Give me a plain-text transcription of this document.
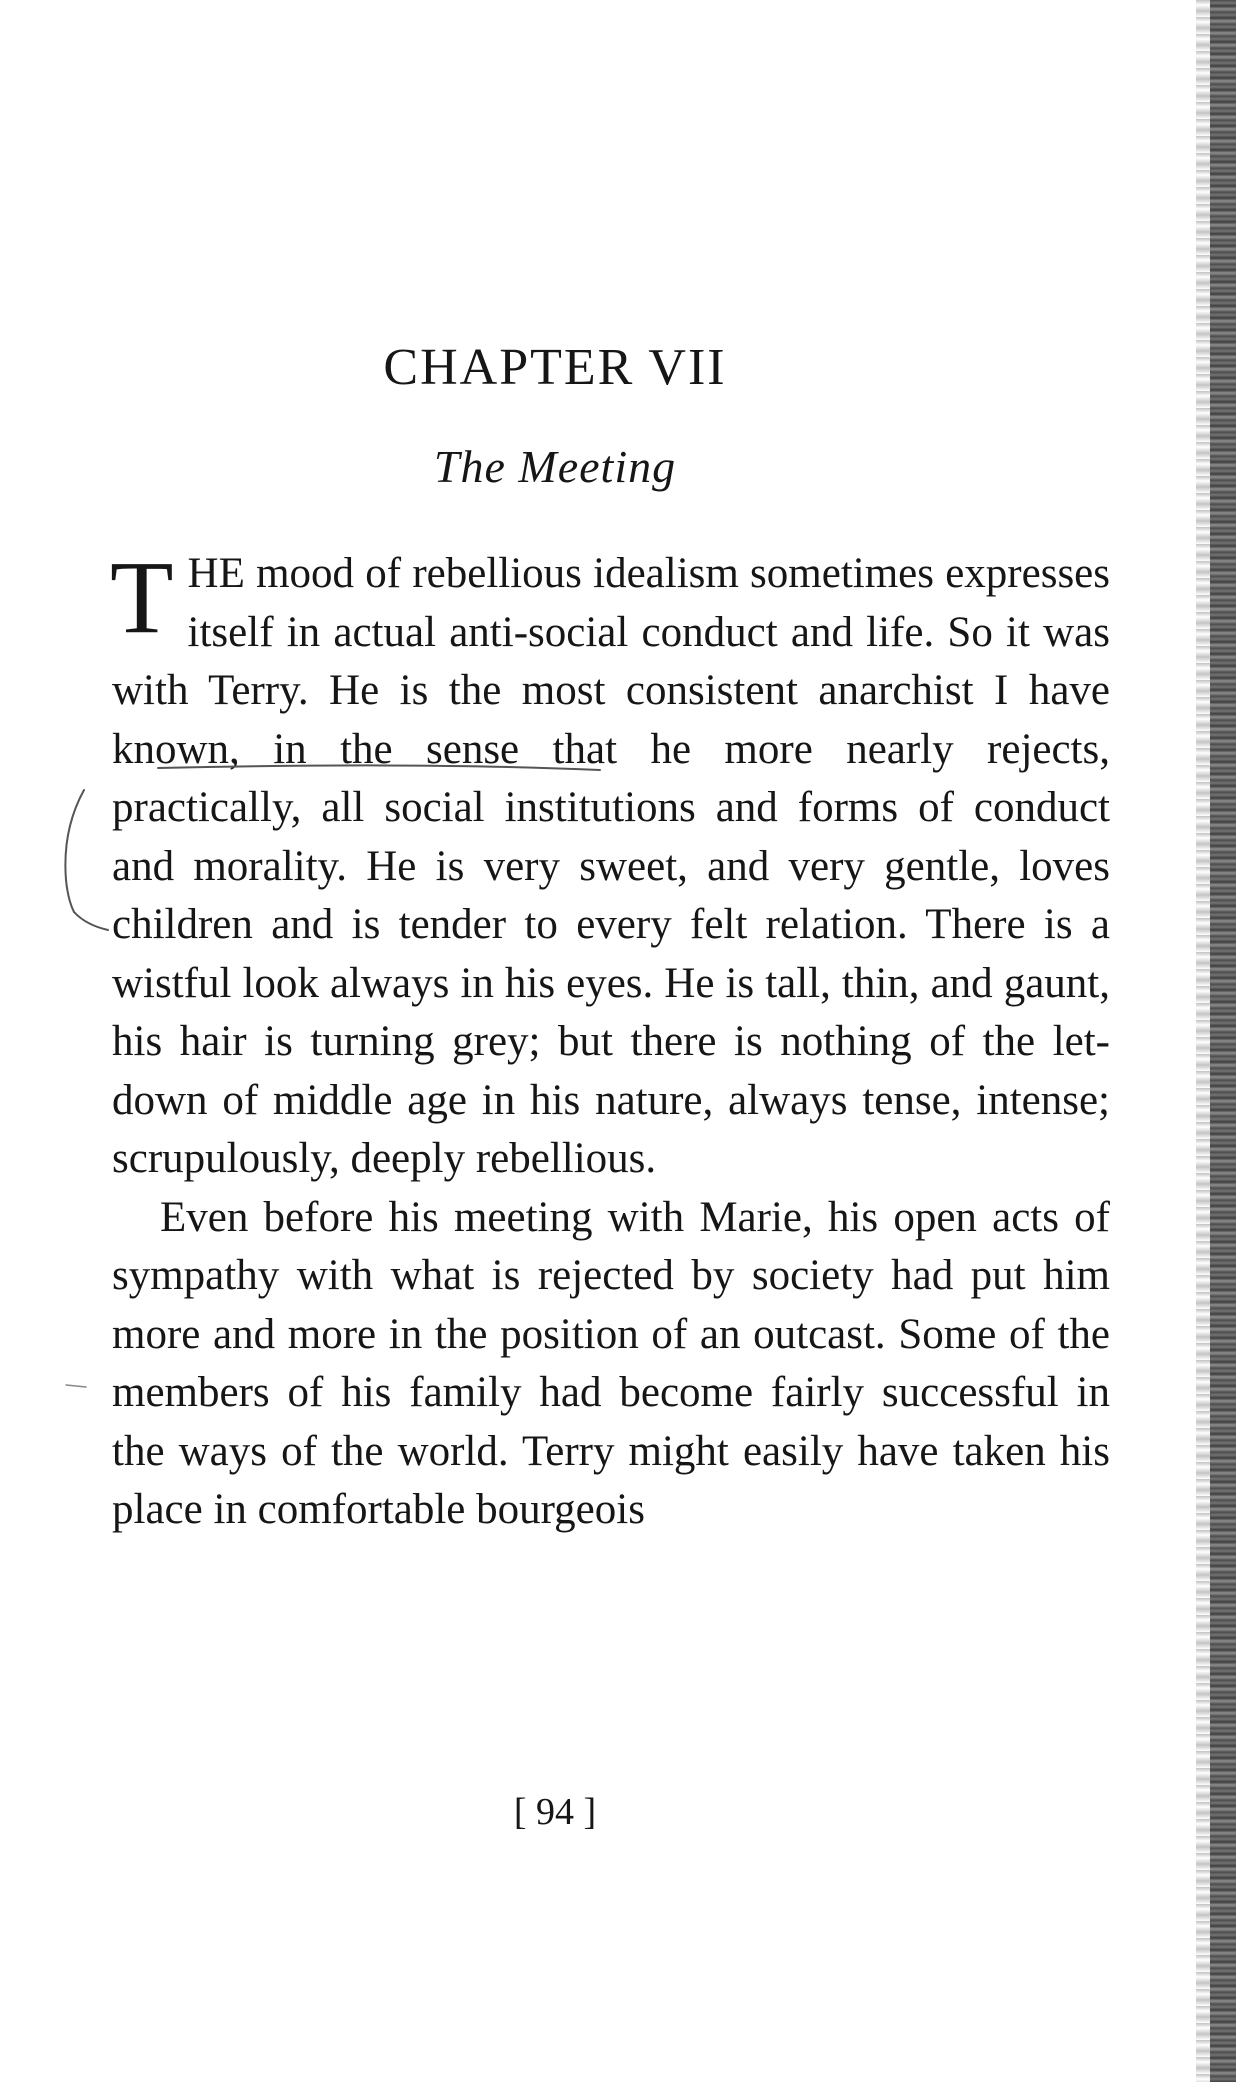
CHAPTER VII
The Meeting

THE mood of rebellious idealism sometimes expresses itself in actual anti-social conduct and life. So it was with Terry. He is the most consistent anarchist I have known, in the sense that he more nearly rejects, practically, all social institutions and forms of conduct and morality. He is very sweet, and very gentle, loves children and is tender to every felt relation. There is a wistful look always in his eyes. He is tall, thin, and gaunt, his hair is turning grey; but there is nothing of the let-down of middle age in his nature, always tense, intense; scrupulously, deeply rebellious.

Even before his meeting with Marie, his open acts of sympathy with what is rejected by society had put him more and more in the position of an outcast. Some of the members of his family had become fairly successful in the ways of the world. Terry might easily have taken his place in comfortable bourgeois

[ 94 ]
